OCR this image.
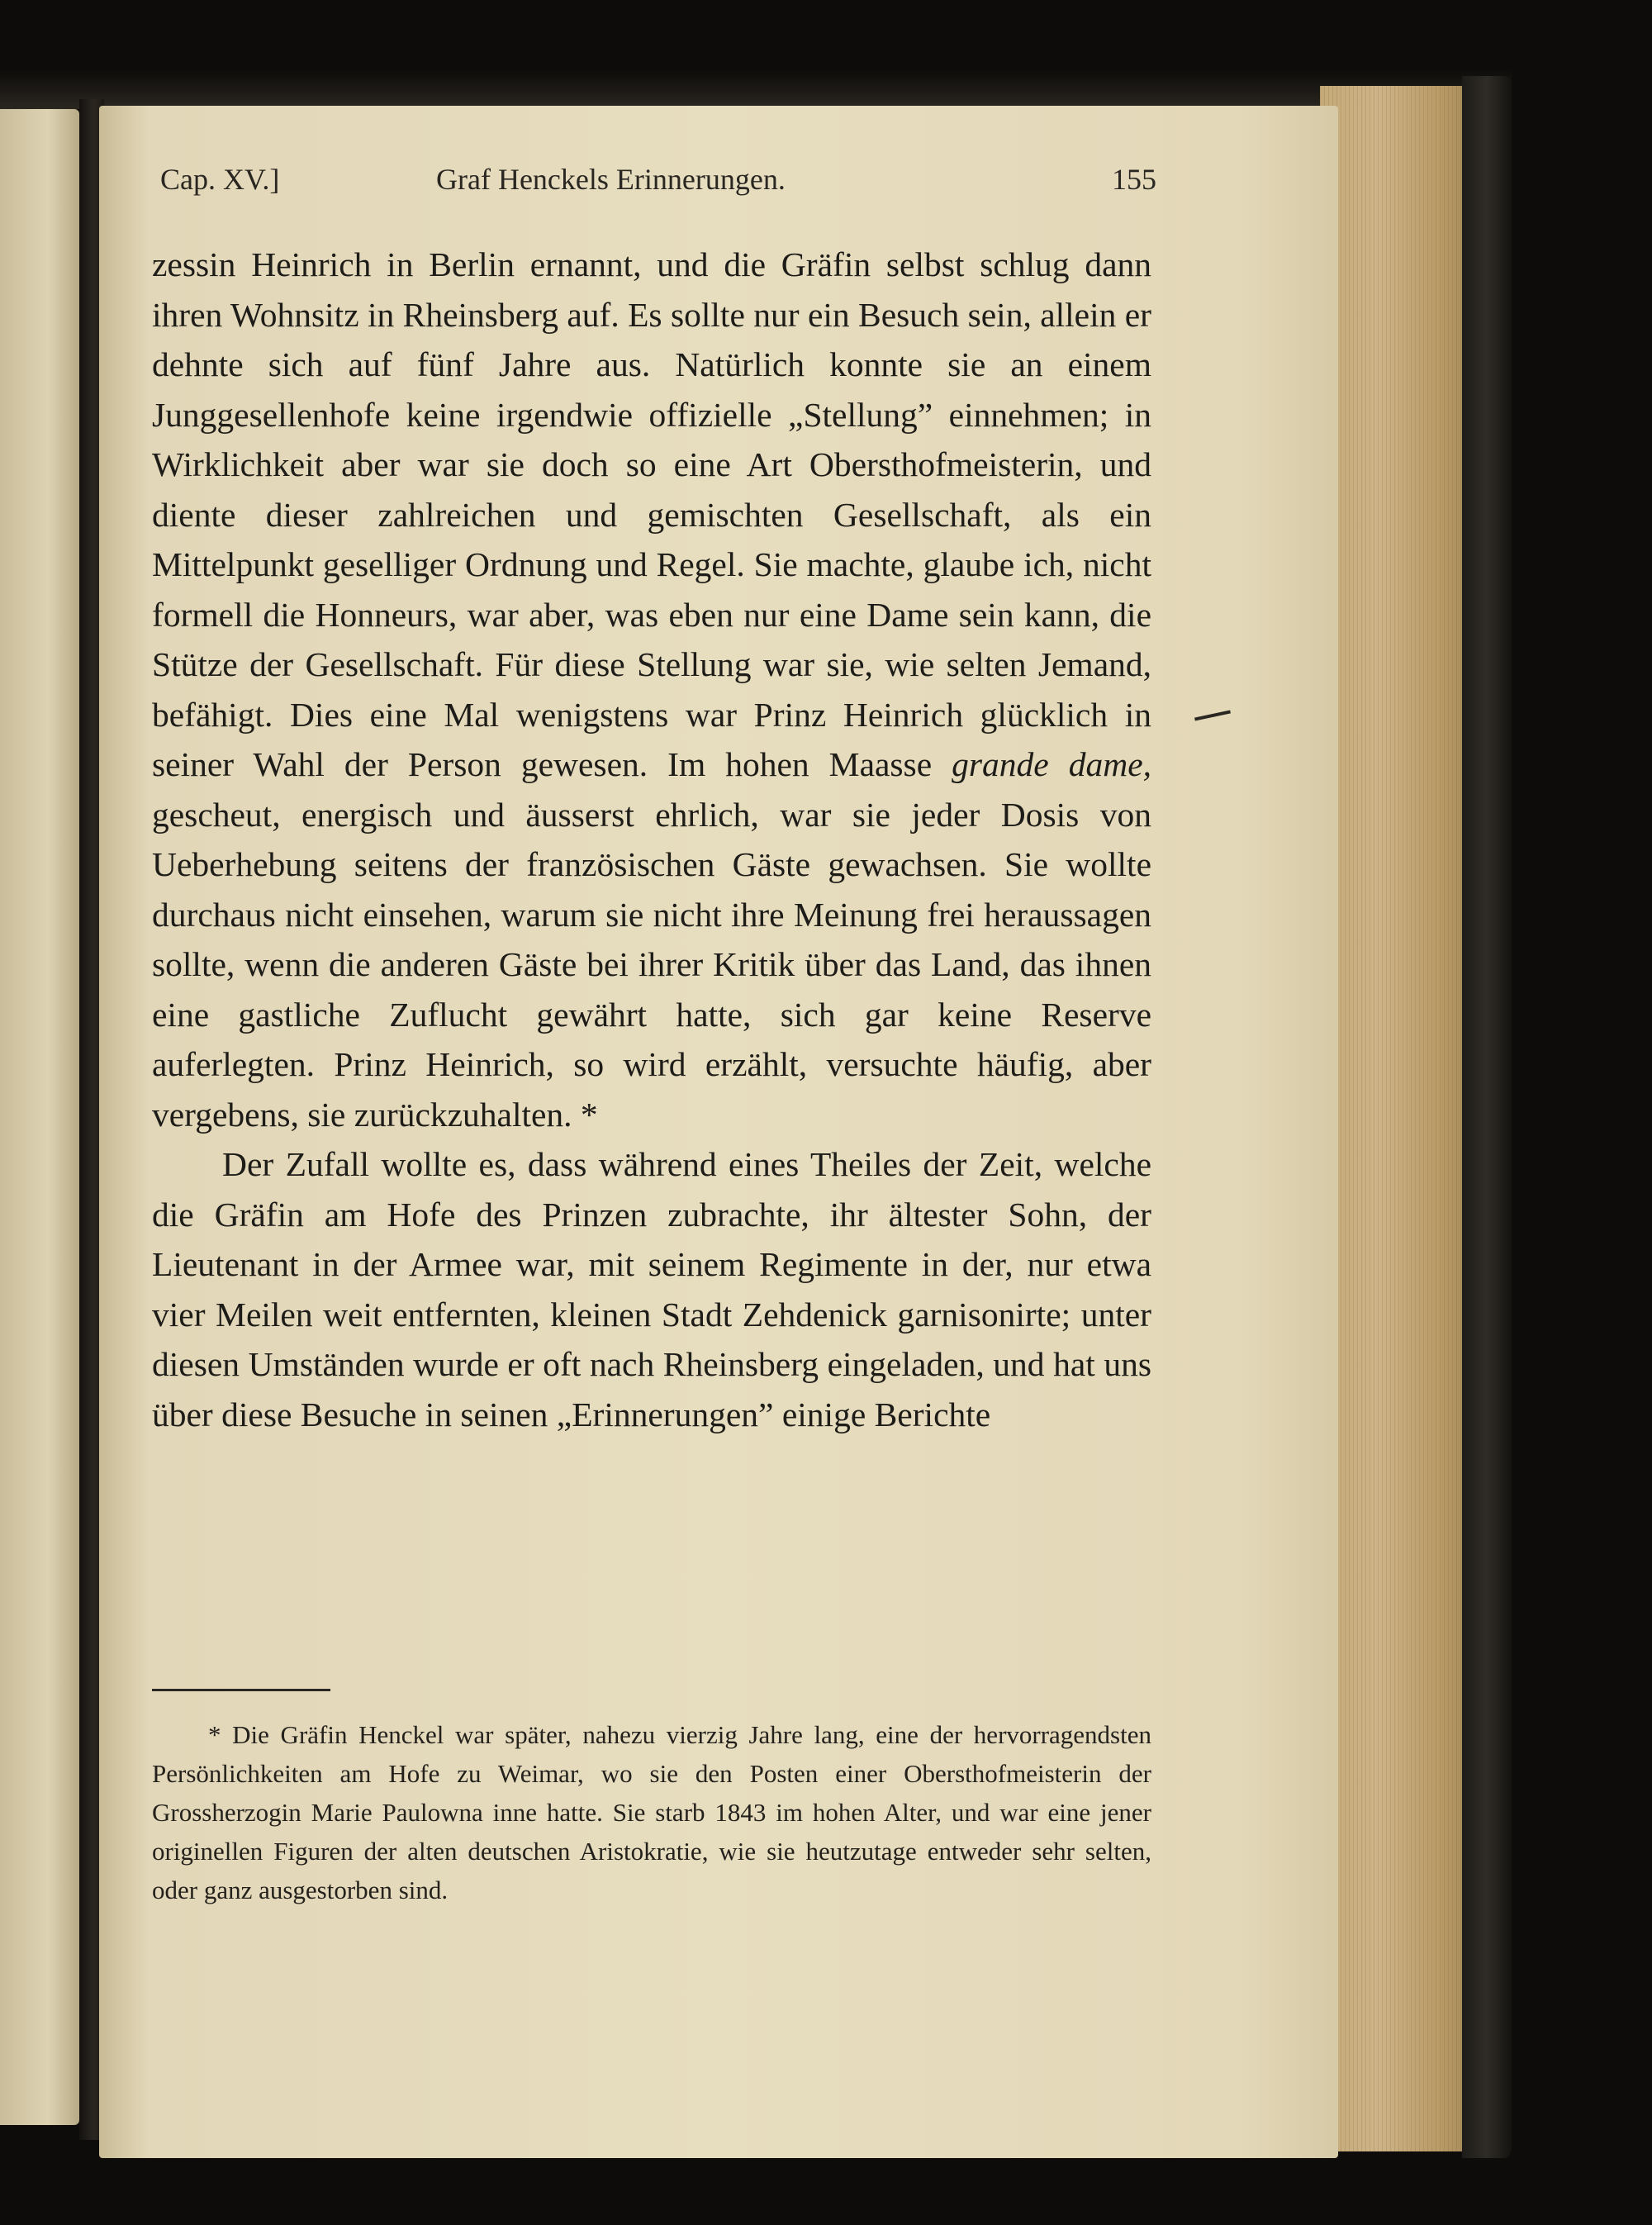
Cap. XV.]	Graf Henckels Erinnerungen.	155

zessin Heinrich in Berlin ernannt, und die Gräfin selbst schlug dann ihren Wohnsitz in Rheinsberg auf. Es sollte nur ein Besuch sein, allein er dehnte sich auf fünf Jahre aus. Natürlich konnte sie an einem Junggesellenhofe keine irgendwie offizielle „Stellung” einnehmen; in Wirklichkeit aber war sie doch so eine Art Obersthofmeisterin, und diente dieser zahlreichen und gemischten Gesellschaft, als ein Mittelpunkt geselliger Ordnung und Regel. Sie machte, glaube ich, nicht formell die Honneurs, war aber, was eben nur eine Dame sein kann, die Stütze der Gesellschaft. Für diese Stellung war sie, wie selten Jemand, befähigt. Dies eine Mal wenigstens war Prinz Heinrich glücklich in seiner Wahl der Person gewesen. Im hohen Maasse grande dame, gescheut, energisch und äusserst ehrlich, war sie jeder Dosis von Ueberhebung seitens der französischen Gäste gewachsen. Sie wollte durchaus nicht einsehen, warum sie nicht ihre Meinung frei heraussagen sollte, wenn die anderen Gäste bei ihrer Kritik über das Land, das ihnen eine gastliche Zuflucht gewährt hatte, sich gar keine Reserve auferlegten. Prinz Heinrich, so wird erzählt, versuchte häufig, aber vergebens, sie zurückzuhalten. *

Der Zufall wollte es, dass während eines Theiles der Zeit, welche die Gräfin am Hofe des Prinzen zubrachte, ihr ältester Sohn, der Lieutenant in der Armee war, mit seinem Regimente in der, nur etwa vier Meilen weit entfernten, kleinen Stadt Zehdenick garnisonirte; unter diesen Umständen wurde er oft nach Rheinsberg eingeladen, und hat uns über diese Besuche in seinen „Erinnerungen” einige Berichte

* Die Gräfin Henckel war später, nahezu vierzig Jahre lang, eine der hervorragendsten Persönlichkeiten am Hofe zu Weimar, wo sie den Posten einer Obersthofmeisterin der Grossherzogin Marie Paulowna inne hatte. Sie starb 1843 im hohen Alter, und war eine jener originellen Figuren der alten deutschen Aristokratie, wie sie heutzutage entweder sehr selten, oder ganz ausgestorben sind.
